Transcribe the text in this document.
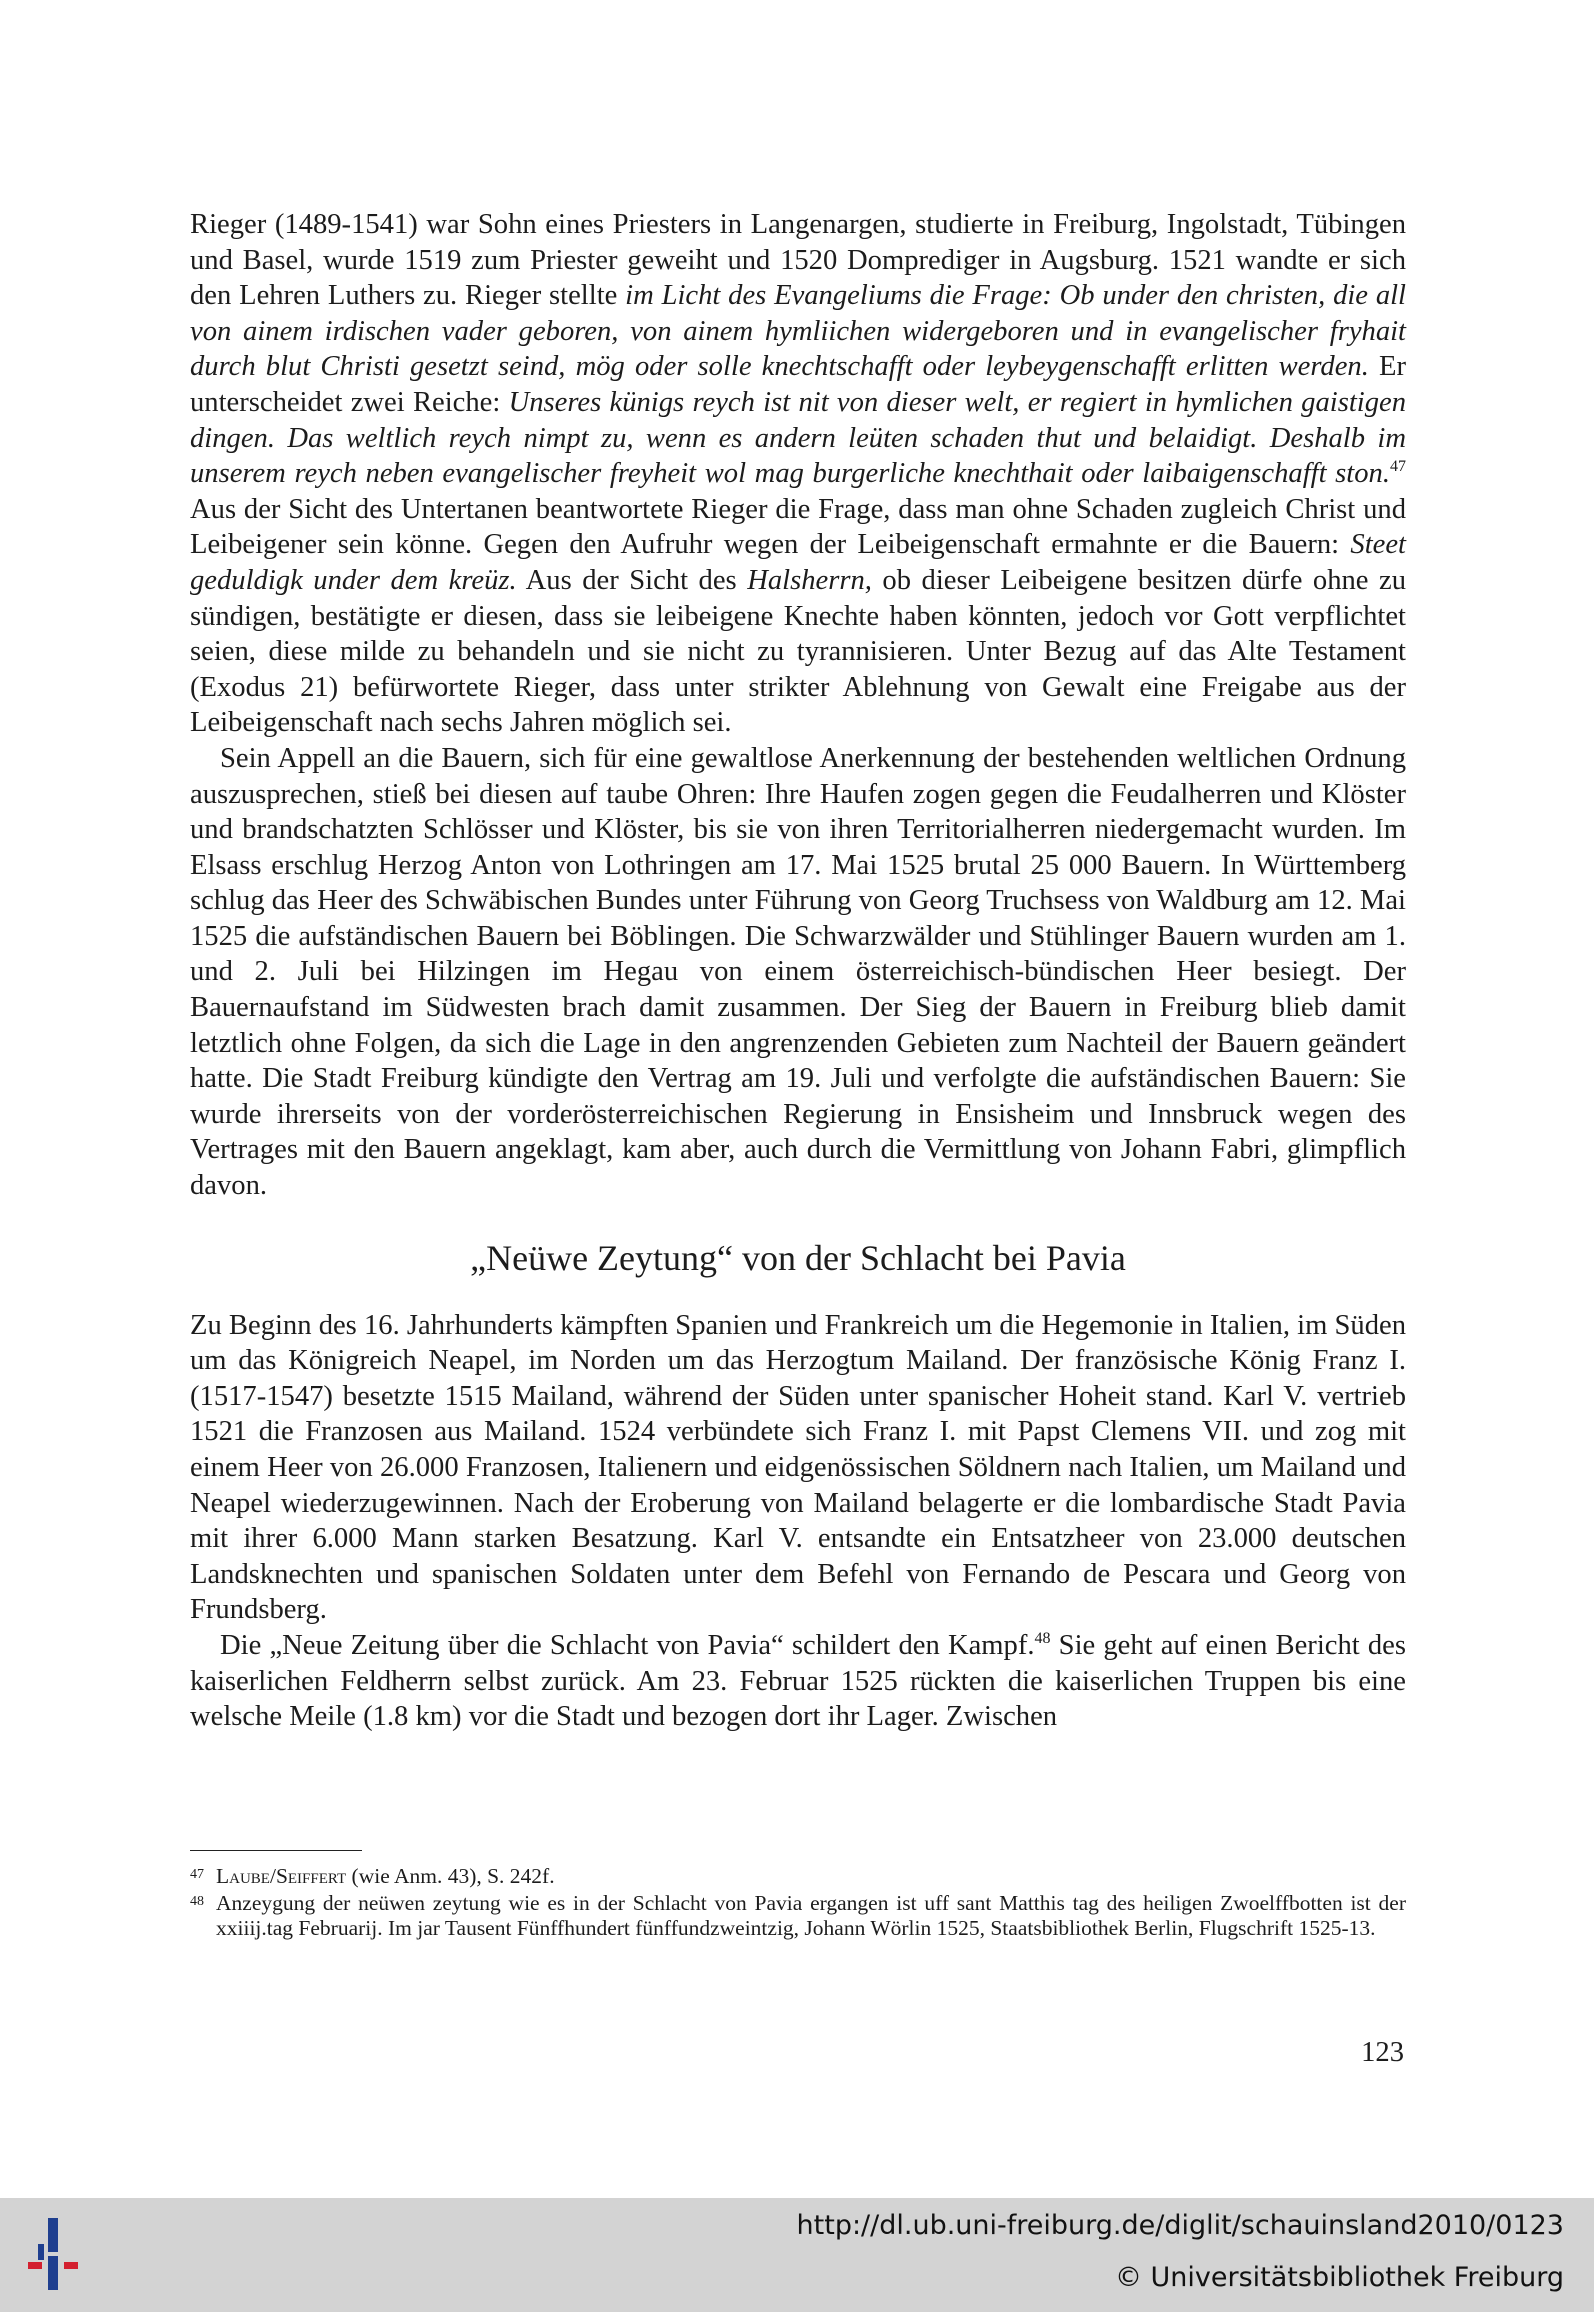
Rieger (1489-1541) war Sohn eines Priesters in Langenargen, studierte in Freiburg, Ingolstadt, Tübingen und Basel, wurde 1519 zum Priester geweiht und 1520 Domprediger in Augsburg. 1521 wandte er sich den Lehren Luthers zu. Rieger stellte im Licht des Evangeliums die Frage: Ob under den christen, die all von ainem irdischen vader geboren, von ainem hymliichen widergeboren und in evangelischer fryhait durch blut Christi gesetzt seind, mög oder solle knechtschafft oder leybeygenschafft erlitten werden. Er unterscheidet zwei Reiche: Unseres künigs reych ist nit von dieser welt, er regiert in hymlichen gaistigen dingen. Das weltlich reych nimpt zu, wenn es andern leüten schaden thut und belaidigt. Deshalb im unserem reych neben evangelischer freyheit wol mag burgerliche knechthait oder laibaigenschafft ston.$^{47}$ Aus der Sicht des Untertanen beantwortete Rieger die Frage, dass man ohne Schaden zugleich Christ und Leibeigener sein könne. Gegen den Aufruhr wegen der Leibeigenschaft ermahnte er die Bauern: Steet geduldigk under dem kreüz. Aus der Sicht des Halsherrn, ob dieser Leibeigene besitzen dürfe ohne zu sündigen, bestätigte er diesen, dass sie leibeigene Knechte haben könnten, jedoch vor Gott verpflichtet seien, diese milde zu behandeln und sie nicht zu tyrannisieren. Unter Bezug auf das Alte Testament (Exodus 21) befürwortete Rieger, dass unter strikter Ablehnung von Gewalt eine Freigabe aus der Leibeigenschaft nach sechs Jahren möglich sei.

Sein Appell an die Bauern, sich für eine gewaltlose Anerkennung der bestehenden weltlichen Ordnung auszusprechen, stieß bei diesen auf taube Ohren: Ihre Haufen zogen gegen die Feudalherren und Klöster und brandschatzten Schlösser und Klöster, bis sie von ihren Territorialherren niedergemacht wurden. Im Elsass erschlug Herzog Anton von Lothringen am 17. Mai 1525 brutal 25 000 Bauern. In Württemberg schlug das Heer des Schwäbischen Bundes unter Führung von Georg Truchsess von Waldburg am 12. Mai 1525 die aufständischen Bauern bei Böblingen. Die Schwarzwälder und Stühlinger Bauern wurden am 1. und 2. Juli bei Hilzingen im Hegau von einem österreichisch-bündischen Heer besiegt. Der Bauernaufstand im Südwesten brach damit zusammen. Der Sieg der Bauern in Freiburg blieb damit letztlich ohne Folgen, da sich die Lage in den angrenzenden Gebieten zum Nachteil der Bauern geändert hatte. Die Stadt Freiburg kündigte den Vertrag am 19. Juli und verfolgte die aufständischen Bauern: Sie wurde ihrerseits von der vorderösterreichischen Regierung in Ensisheim und Innsbruck wegen des Vertrages mit den Bauern angeklagt, kam aber, auch durch die Vermittlung von Johann Fabri, glimpflich davon.

„Neüwe Zeytung“ von der Schlacht bei Pavia

Zu Beginn des 16. Jahrhunderts kämpften Spanien und Frankreich um die Hegemonie in Italien, im Süden um das Königreich Neapel, im Norden um das Herzogtum Mailand. Der französische König Franz I. (1517-1547) besetzte 1515 Mailand, während der Süden unter spanischer Hoheit stand. Karl V. vertrieb 1521 die Franzosen aus Mailand. 1524 verbündete sich Franz I. mit Papst Clemens VII. und zog mit einem Heer von 26.000 Franzosen, Italienern und eidgenössischen Söldnern nach Italien, um Mailand und Neapel wiederzugewinnen. Nach der Eroberung von Mailand belagerte er die lombardische Stadt Pavia mit ihrer 6.000 Mann starken Besatzung. Karl V. entsandte ein Entsatzheer von 23.000 deutschen Landsknechten und spanischen Soldaten unter dem Befehl von Fernando de Pescara und Georg von Frundsberg.

Die „Neue Zeitung über die Schlacht von Pavia“ schildert den Kampf.$^{48}$ Sie geht auf einen Bericht des kaiserlichen Feldherrn selbst zurück. Am 23. Februar 1525 rückten die kaiserlichen Truppen bis eine welsche Meile (1.8 km) vor die Stadt und bezogen dort ihr Lager. Zwischen

47 Laube/Seiffert (wie Anm. 43), S. 242f.

48 Anzeygung der neüwen zeytung wie es in der Schlacht von Pavia ergangen ist uff sant Matthis tag des heiligen Zwoelffbotten ist der xxiiij.tag Februarij. Im jar Tausent Fünffhundert fünffundzweintzig, Johann Wörlin 1525, Staatsbibliothek Berlin, Flugschrift 1525-13.

123
http://dl.ub.uni-freiburg.de/diglit/schauinsland2010/0123
© Universitätsbibliothek Freiburg
